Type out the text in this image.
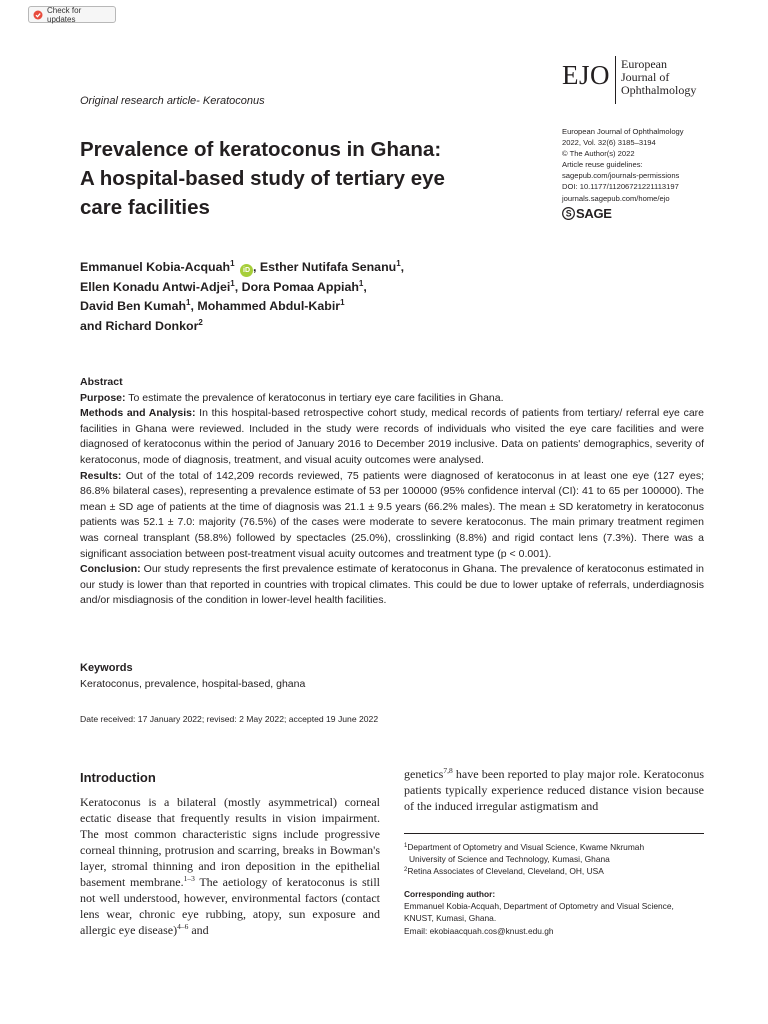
Check for updates
Original research article- Keratoconus
EJO European
Journal of
Ophthalmology
European Journal of Ophthalmology
2022, Vol. 32(6) 3185–3194
© The Author(s) 2022
Article reuse guidelines:
sagepub.com/journals-permissions
DOI: 10.1177/11206721221113197
journals.sagepub.com/home/ejo
S SAGE
Prevalence of keratoconus in Ghana:
A hospital-based study of tertiary eye
care facilities
Emmanuel Kobia-Acquah$^1$ iD , Esther Nutifafa Senanu$^1$,
Ellen Konadu Antwi-Adjei$^1$, Dora Pomaa Appiah$^1$,
David Ben Kumah$^1$, Mohammed Abdul-Kabir$^1$
and Richard Donkor$^2$
Abstract

Purpose: To estimate the prevalence of keratoconus in tertiary eye care facilities in Ghana.

Methods and Analysis: In this hospital-based retrospective cohort study, medical records of patients from tertiary/ referral eye care facilities in Ghana were reviewed. Included in the study were records of individuals who visited the eye care facilities and were diagnosed of keratoconus within the period of January 2016 to December 2019 inclusive. Data on patients' demographics, severity of keratoconus, mode of diagnosis, treatment, and visual acuity outcomes were analysed.

Results: Out of the total of 142,209 records reviewed, 75 patients were diagnosed of keratoconus in at least one eye (127 eyes; 86.8% bilateral cases), representing a prevalence estimate of 53 per 100000 (95% confidence interval (CI): 41 to 65 per 100000). The mean ± SD age of patients at the time of diagnosis was 21.1 ± 9.5 years (66.2% males). The mean ± SD keratometry in keratoconus patients was 52.1 ± 7.0: majority (76.5%) of the cases were moderate to severe keratoconus. The main primary treatment regimen was corneal transplant (58.8%) followed by spectacles (25.0%), crosslinking (8.8%) and rigid contact lens (7.3%). There was a significant association between post-treatment visual acuity outcomes and treatment type (p < 0.001).

Conclusion: Our study represents the first prevalence estimate of keratoconus in Ghana. The prevalence of keratoconus estimated in our study is lower than that reported in countries with tropical climates. This could be due to lower uptake of referrals, underdiagnosis and/or misdiagnosis of the condition in lower-level health facilities.

Keywords
Keratoconus, prevalence, hospital-based, ghana
Date received: 17 January 2022; revised: 2 May 2022; accepted 19 June 2022
Introduction
Keratoconus is a bilateral (mostly asymmetrical) corneal ectatic disease that frequently results in vision impairment. The most common characteristic signs include progressive corneal thinning, protrusion and scarring, breaks in Bowman's layer, stromal thinning and iron deposition in the epithelial basement membrane.$^{1-3}$ The aetiology of keratoconus is still not well understood, however, environmental factors (contact lens wear, chronic eye rubbing, atopy, sun exposure and allergic eye disease)$^{4-6}$ and
genetics$^{7,8}$ have been reported to play major role. Keratoconus patients typically experience reduced distance vision because of the induced irregular astigmatism and
$^1$Department of Optometry and Visual Science, Kwame Nkrumah
University of Science and Technology, Kumasi, Ghana
$^2$Retina Associates of Cleveland, Cleveland, OH, USA
Corresponding author:
Emmanuel Kobia-Acquah, Department of Optometry and Visual Science,
KNUST, Kumasi, Ghana.
Email: ekobiaacquah.cos@knust.edu.gh
